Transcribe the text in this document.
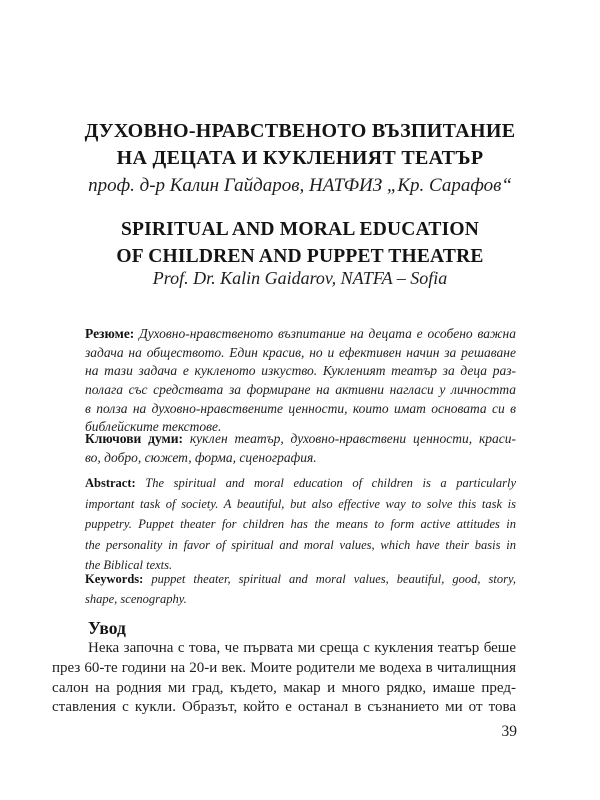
ДУХОВНО-НРАВСТВЕНОТО ВЪЗПИТАНИЕ
НА ДЕЦАТА И КУКЛЕНИЯТ ТЕАТЪР
проф. д-р Калин Гайдаров, НАТФИЗ „Кр. Сарафов“
SPIRITUAL AND MORAL EDUCATION
OF CHILDREN AND PUPPET THEATRE
Prof. Dr. Kalin Gaidarov, NATFA – Sofia
Резюме: Духовно-нравственото възпитание на децата е особено важна
задача на обществото. Един красив, но и ефективен начин за решаване
на тази задача е кукленото изкуство. Кукленият театър за деца раз-
полага със средствата за формиране на активни нагласи у личността
в полза на духовно-нравствените ценности, които имат основата си в
библейските текстове.
Ключови думи: куклен театър, духовно-нравствени ценности, краси-
во, добро, сюжет, форма, сценография.
Abstract: The spiritual and moral education of children is a particularly
important task of society. A beautiful, but also effective way to solve this task is
puppetry. Puppet theater for children has the means to form active attitudes in
the personality in favor of spiritual and moral values, which have their basis in
the Biblical texts.
Keywords: puppet theater, spiritual and moral values, beautiful, good, story,
shape, scenography.
Увод
Нека започна с това, че първата ми среща с кукления театър беше
през 60-те години на 20-и век. Моите родители ме водеха в читалищния
салон на родния ми град, където, макар и много рядко, имаше пред-
ставления с кукли. Образът, който е останал в съзнанието ми от това
39
